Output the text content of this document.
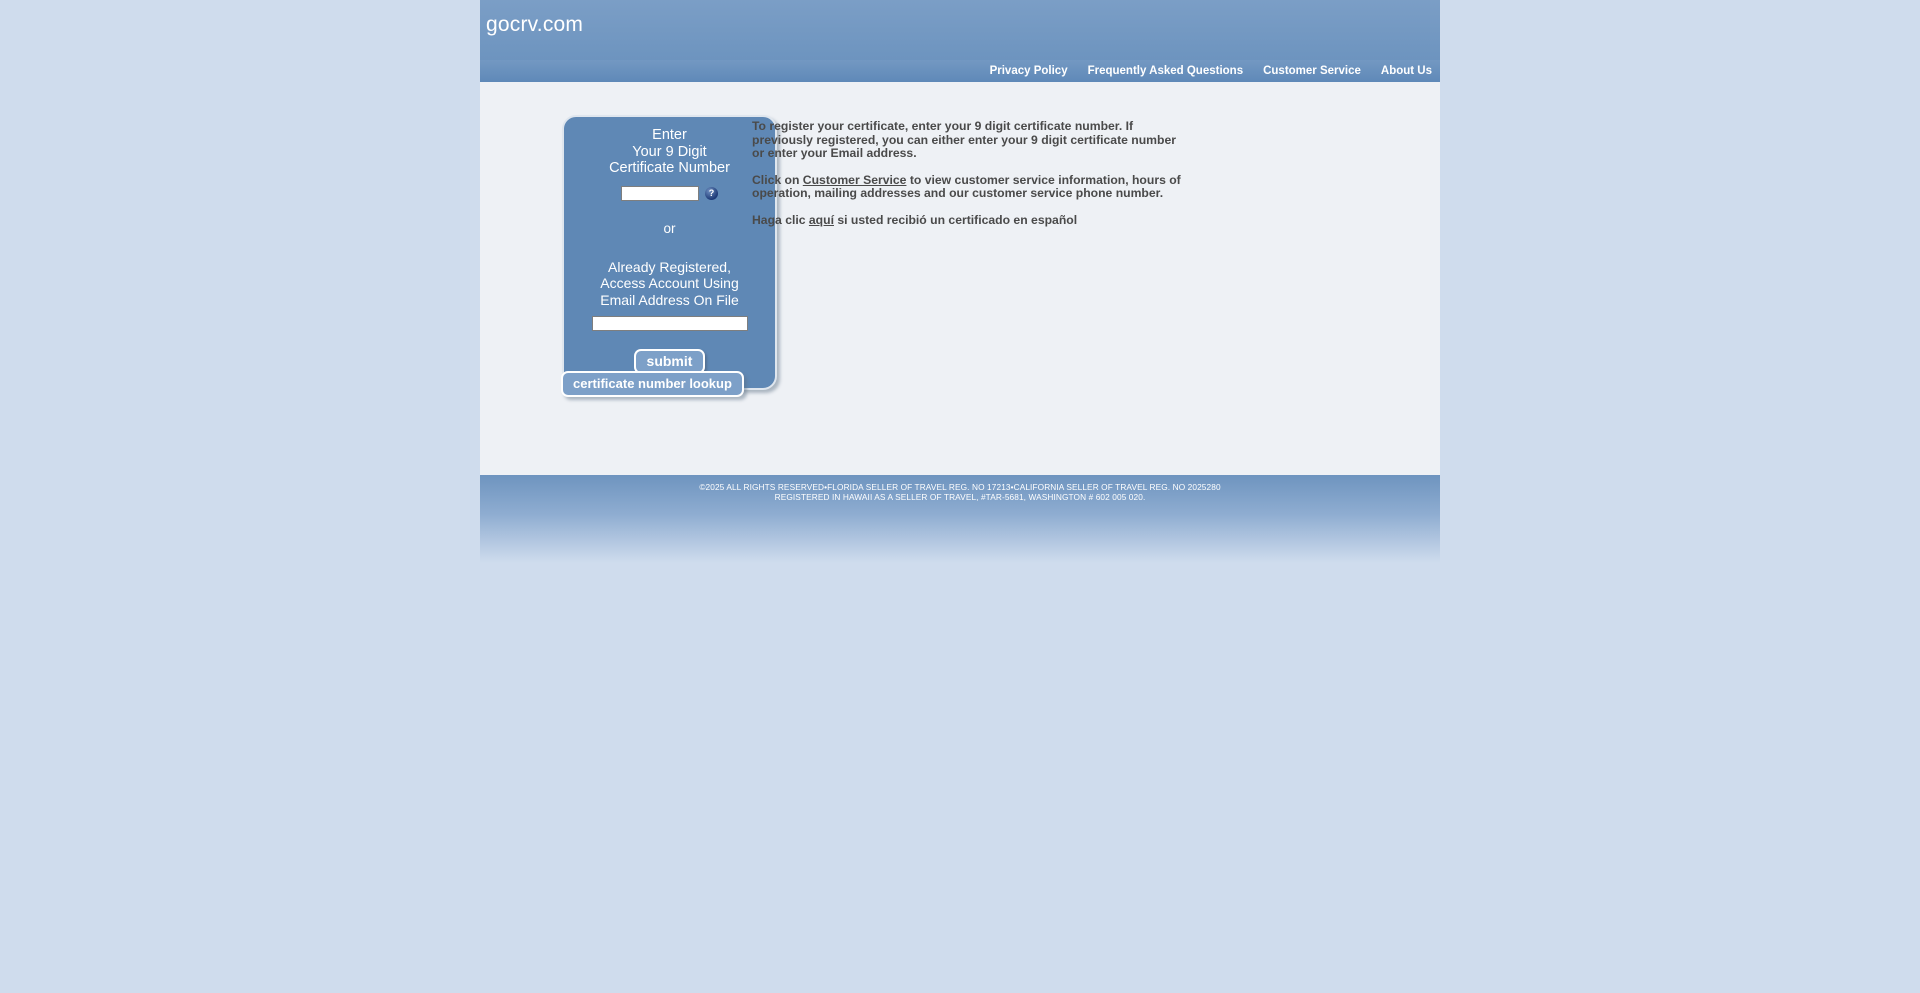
gocrv.com
Privacy Policy Frequently Asked Questions Customer Service About Us
Enter
Your 9 Digit
Certificate Number
?
or
Already Registered,
Access Account Using
Email Address On File
submit
certificate number lookup

To register your certificate, enter your 9 digit certificate number. If previously registered, you can either enter your 9 digit certificate number or enter your Email address.

Click on Customer Service to view customer service information, hours of operation, mailing addresses and our customer service phone number.

Haga clic aquí si usted recibió un certificado en español

©2025 ALL RIGHTS RESERVED•FLORIDA SELLER OF TRAVEL REG. NO 17213•CALIFORNIA SELLER OF TRAVEL REG. NO 2025280
REGISTERED IN HAWAII AS A SELLER OF TRAVEL, #TAR-5681, WASHINGTON # 602 005 020.
